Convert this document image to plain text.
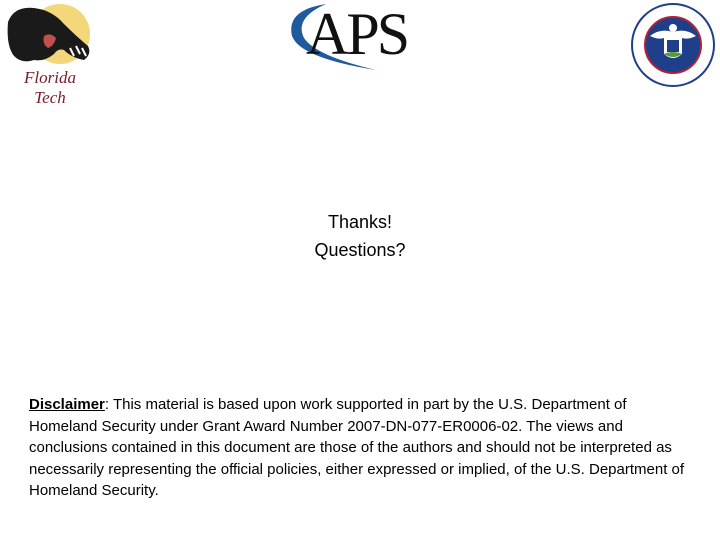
Florida Tech
APS
Thanks!
Questions?
Disclaimer: This material is based upon work supported in part by the U.S. Department of Homeland Security under Grant Award Number 2007-DN-077-ER0006-02. The views and conclusions contained in this document are those of the authors and should not be interpreted as necessarily representing the official policies, either expressed or implied, of the U.S. Department of Homeland Security.
